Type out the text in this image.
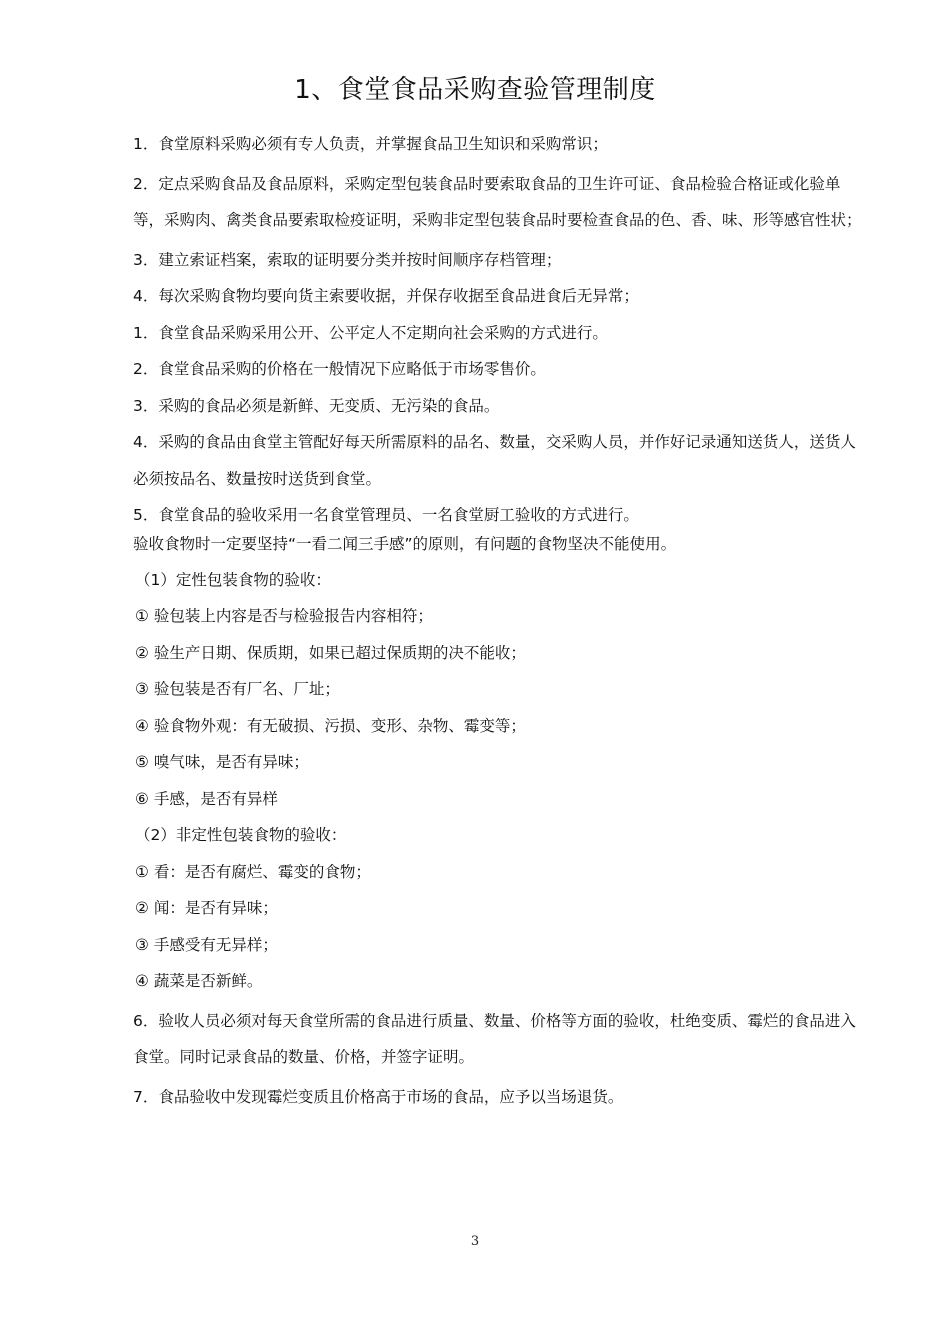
1、食堂食品采购查验管理制度

1．食堂原料采购必须有专人负责，并掌握食品卫生知识和采购常识；

2．定点采购食品及食品原料，采购定型包装食品时要索取食品的卫生许可证、食品检验合格证或化验单等，采购肉、禽类食品要索取检疫证明，采购非定型包装食品时要检查食品的色、香、味、形等感官性状；

3．建立索证档案，索取的证明要分类并按时间顺序存档管理；

4．每次采购食物均要向货主索要收据，并保存收据至食品进食后无异常；

1．食堂食品采购采用公开、公平定人不定期向社会采购的方式进行。

2．食堂食品采购的价格在一般情况下应略低于市场零售价。

3．采购的食品必须是新鲜、无变质、无污染的食品。

4．采购的食品由食堂主管配好每天所需原料的品名、数量，交采购人员，并作好记录通知送货人，送货人必须按品名、数量按时送货到食堂。

5．食堂食品的验收采用一名食堂管理员、一名食堂厨工验收的方式进行。

验收食物时一定要坚持“一看二闻三手感”的原则，有问题的食物坚决不能使用。

（1）定性包装食物的验收：

① 验包装上内容是否与检验报告内容相符；

② 验生产日期、保质期，如果已超过保质期的决不能收；

③ 验包装是否有厂名、厂址；

④ 验食物外观：有无破损、污损、变形、杂物、霉变等；

⑤ 嗅气味，是否有异味；

⑥ 手感，是否有异样

（2）非定性包装食物的验收：

① 看：是否有腐烂、霉变的食物；

② 闻：是否有异味；

③ 手感受有无异样；

④ 蔬菜是否新鲜。

6．验收人员必须对每天食堂所需的食品进行质量、数量、价格等方面的验收，杜绝变质、霉烂的食品进入食堂。同时记录食品的数量、价格，并签字证明。

7．食品验收中发现霉烂变质且价格高于市场的食品，应予以当场退货。

3
